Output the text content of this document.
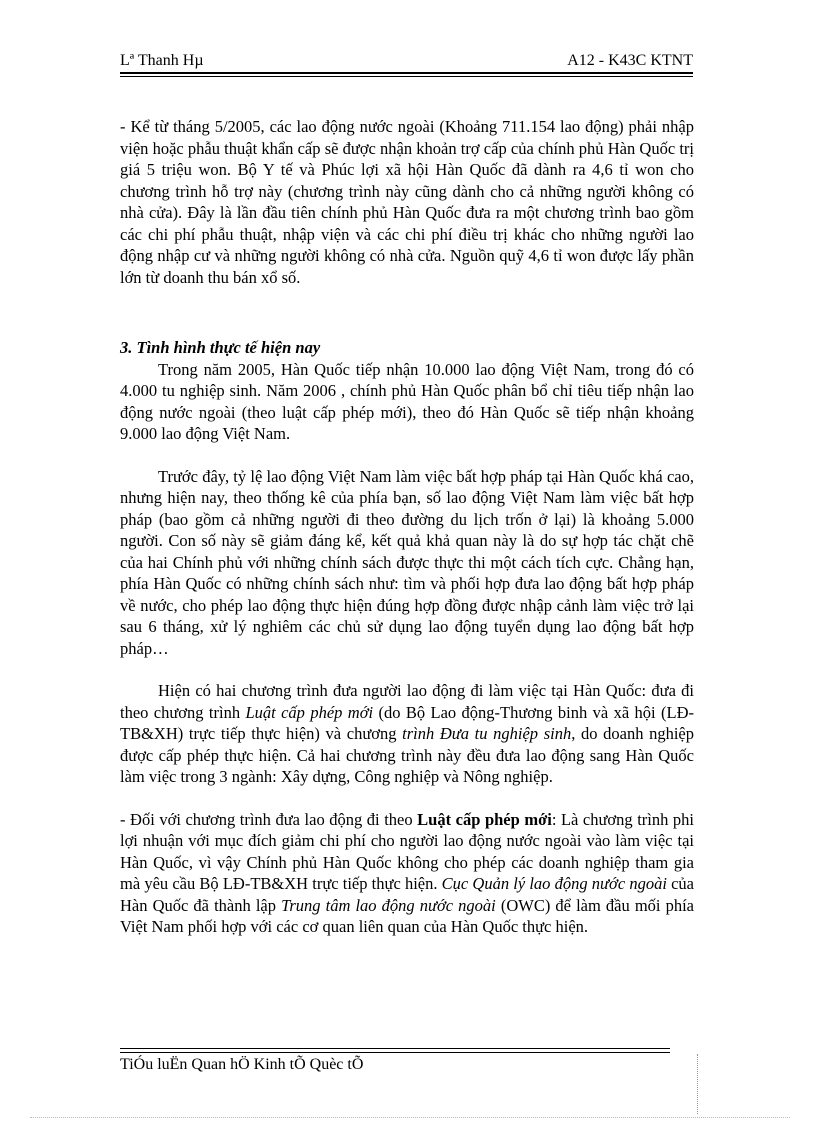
Lª Thanh Hµ	A12 - K43C KTNT

- Kể từ tháng 5/2005, các lao động nước ngoài (Khoảng 711.154 lao động) phải nhập viện hoặc phẫu thuật khẩn cấp sẽ được nhận khoản trợ cấp của chính phủ Hàn Quốc trị giá 5 triệu won. Bộ Y tế và Phúc lợi xã hội Hàn Quốc đã dành ra 4,6 tỉ won cho chương trình hỗ trợ này (chương trình này cũng dành cho cả những người không có nhà cửa). Đây là lần đầu tiên chính phủ Hàn Quốc đưa ra một chương trình bao gồm các chi phí phẫu thuật, nhập viện và các chi phí điều trị khác cho những người lao động nhập cư và những người không có nhà cửa. Nguồn quỹ 4,6 tỉ won được lấy phần lớn từ doanh thu bán xổ số.

3. Tình hình thực tế hiện nay

Trong năm 2005, Hàn Quốc tiếp nhận 10.000 lao động Việt Nam, trong đó có 4.000 tu nghiệp sinh. Năm 2006 , chính phủ Hàn Quốc phân bổ chỉ tiêu tiếp nhận lao động nước ngoài (theo luật cấp phép mới), theo đó Hàn Quốc sẽ tiếp nhận khoảng 9.000 lao động Việt Nam.

Trước đây, tỷ lệ lao động Việt Nam làm việc bất hợp pháp tại Hàn Quốc khá cao, nhưng hiện nay, theo thống kê của phía bạn, số lao động Việt Nam làm việc bất hợp pháp (bao gồm cả những người đi theo đường du lịch trốn ở lại) là khoảng 5.000 người. Con số này sẽ giảm đáng kể, kết quả khả quan này là do sự hợp tác chặt chẽ của hai Chính phủ với những chính sách được thực thi một cách tích cực. Chẳng hạn, phía Hàn Quốc có những chính sách như: tìm và phối hợp đưa lao động bất hợp pháp về nước, cho phép lao động thực hiện đúng hợp đồng được nhập cảnh làm việc trở lại sau 6 tháng, xử lý nghiêm các chủ sử dụng lao động tuyển dụng lao động bất hợp pháp…

Hiện có hai chương trình đưa người lao động đi làm việc tại Hàn Quốc: đưa đi theo chương trình Luật cấp phép mới (do Bộ Lao động-Thương binh và xã hội (LĐ-TB&XH) trực tiếp thực hiện) và chương trình Đưa tu nghiệp sinh, do doanh nghiệp được cấp phép thực hiện. Cả hai chương trình này đều đưa lao động sang Hàn Quốc làm việc trong 3 ngành: Xây dựng, Công nghiệp và Nông nghiệp.

- Đối với chương trình đưa lao động đi theo Luật cấp phép mới: Là chương trình phi lợi nhuận với mục đích giảm chi phí cho người lao động nước ngoài vào làm việc tại Hàn Quốc, vì vậy Chính phủ Hàn Quốc không cho phép các doanh nghiệp tham gia mà yêu cầu Bộ LĐ-TB&XH trực tiếp thực hiện. Cục Quản lý lao động nước ngoài của Hàn Quốc đã thành lập Trung tâm lao động nước ngoài (OWC) để làm đầu mối phía Việt Nam phối hợp với các cơ quan liên quan của Hàn Quốc thực hiện.

TiÓu luËn Quan hÖ Kinh tÕ Quèc tÕ
